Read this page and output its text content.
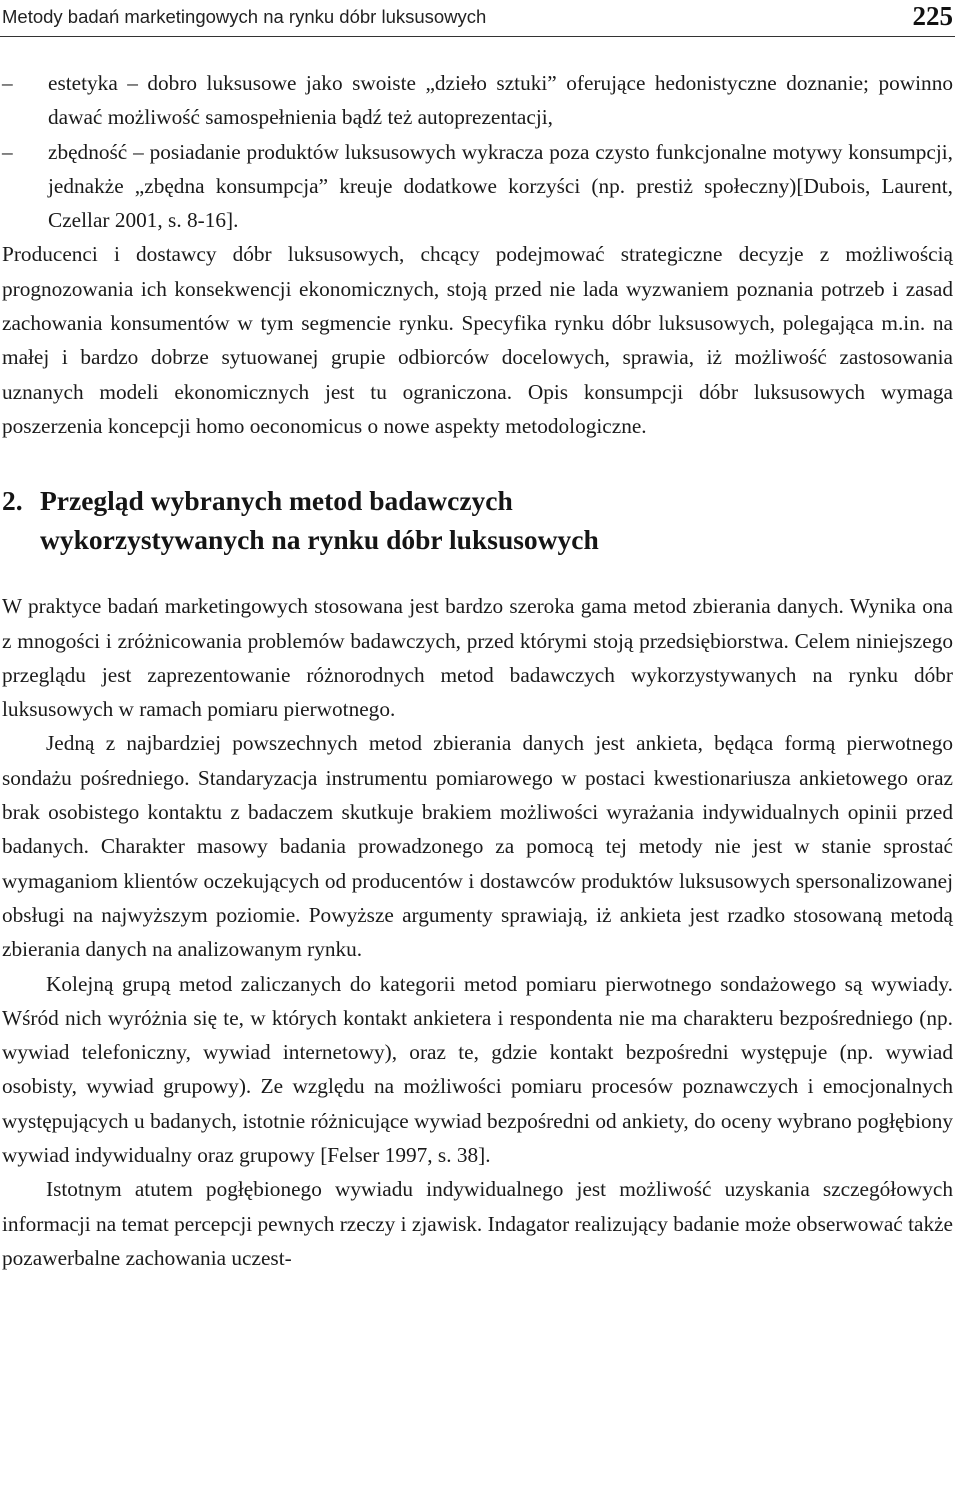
Metody badań marketingowych na rynku dóbr luksusowych	225
–	estetyka – dobro luksusowe jako swoiste „dzieło sztuki” oferujące hedonistyczne doznanie; powinno dawać możliwość samospełnienia bądź też autoprezentacji,
–	zbędność – posiadanie produktów luksusowych wykracza poza czysto funkcjonalne motywy konsumpcji, jednakże „zbędna konsumpcja” kreuje dodatkowe korzyści (np. prestiż społeczny)[Dubois, Laurent, Czellar 2001, s. 8-16].

Producenci i dostawcy dóbr luksusowych, chcący podejmować strategiczne decyzje z możliwością prognozowania ich konsekwencji ekonomicznych, stoją przed nie lada wyzwaniem poznania potrzeb i zasad zachowania konsumentów w tym segmencie rynku. Specyfika rynku dóbr luksusowych, polegająca m.in. na małej i bardzo dobrze sytuowanej grupie odbiorców docelowych, sprawia, iż możliwość zastosowania uznanych modeli ekonomicznych jest tu ograniczona. Opis konsumpcji dóbr luksusowych wymaga poszerzenia koncepcji homo oeconomicus o nowe aspekty metodologiczne.

2. Przegląd wybranych metod badawczych
wykorzystywanych na rynku dóbr luksusowych

W praktyce badań marketingowych stosowana jest bardzo szeroka gama metod zbierania danych. Wynika ona z mnogości i zróżnicowania problemów badawczych, przed którymi stoją przedsiębiorstwa. Celem niniejszego przeglądu jest zaprezentowanie różnorodnych metod badawczych wykorzystywanych na rynku dóbr luksusowych w ramach pomiaru pierwotnego.

Jedną z najbardziej powszechnych metod zbierania danych jest ankieta, będąca formą pierwotnego sondażu pośredniego. Standaryzacja instrumentu pomiarowego w postaci kwestionariusza ankietowego oraz brak osobistego kontaktu z badaczem skutkuje brakiem możliwości wyrażania indywidualnych opinii przed badanych. Charakter masowy badania prowadzonego za pomocą tej metody nie jest w stanie sprostać wymaganiom klientów oczekujących od producentów i dostawców produktów luksusowych spersonalizowanej obsługi na najwyższym poziomie. Powyższe argumenty sprawiają, iż ankieta jest rzadko stosowaną metodą zbierania danych na analizowanym rynku.

Kolejną grupą metod zaliczanych do kategorii metod pomiaru pierwotnego sondażowego są wywiady. Wśród nich wyróżnia się te, w których kontakt ankietera i respondenta nie ma charakteru bezpośredniego (np. wywiad telefoniczny, wywiad internetowy), oraz te, gdzie kontakt bezpośredni występuje (np. wywiad osobisty, wywiad grupowy). Ze względu na możliwości pomiaru procesów poznawczych i emocjonalnych występujących u badanych, istotnie różnicujące wywiad bezpośredni od ankiety, do oceny wybrano pogłębiony wywiad indywidualny oraz grupowy [Felser 1997, s. 38].

Istotnym atutem pogłębionego wywiadu indywidualnego jest możliwość uzyskania szczegółowych informacji na temat percepcji pewnych rzeczy i zjawisk. Indagator realizujący badanie może obserwować także pozawerbalne zachowania uczest-
